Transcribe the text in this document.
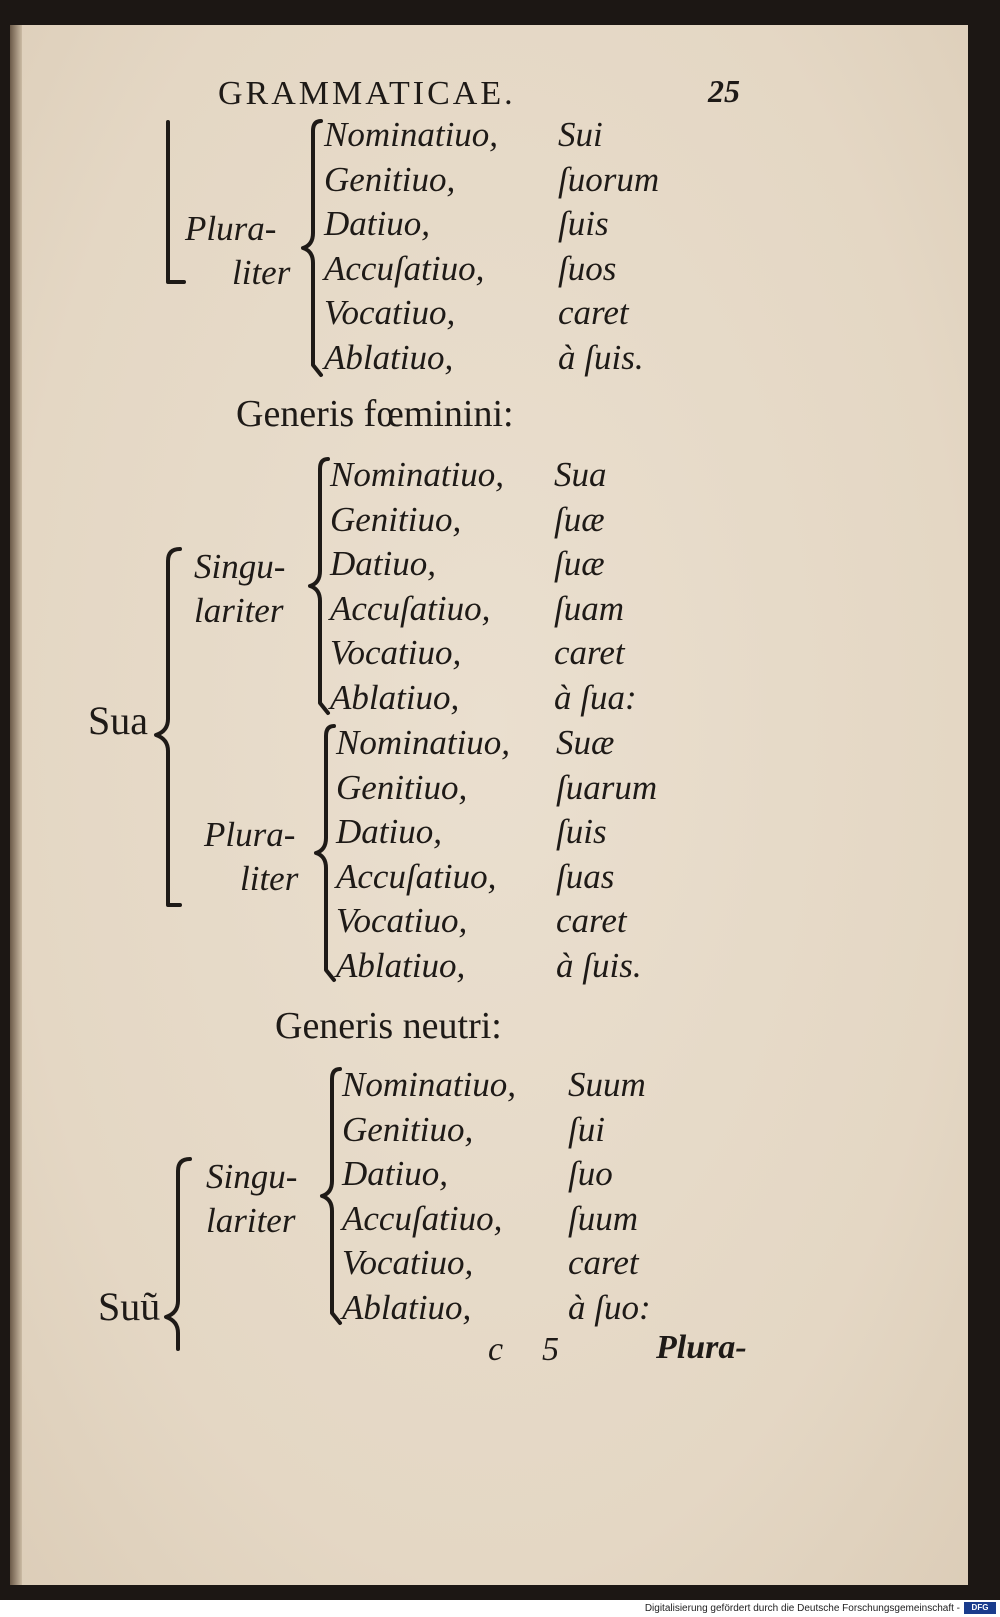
GRAMMATICAE.	25
Plura-
liter
Nominatiuo, Sui
Genitiuo,	ſuorum
Datiuo,	ſuis
Accuſatiuo, ſuos
Vocatiuo,	caret
Ablatiuo,	à ſuis.
Generis fœminini:
Sua
Singu-
lariter
Nominatiuo, Sua
Genitiuo,	ſuæ
Datiuo,	ſuæ
Accuſatiuo, ſuam
Vocatiuo,	caret
Ablatiuo,	à ſua:
Plura-
liter
Nominatiuo, Suæ
Genitiuo,	ſuarum
Datiuo,	ſuis
Accuſatiuo, ſuas
Vocatiuo,	caret
Ablatiuo,	à ſuis.
Generis neutri:
Suũ
Singu-
lariter
Nominatiuo, Suum
Genitiuo,	ſui
Datiuo,	ſuo
Accuſatiuo, ſuum
Vocatiuo,	caret
Ablatiuo,	à ſuo:
c 5	Plura-
Digitalisierung gefördert durch die Deutsche Forschungsgemeinschaft -	DFG
